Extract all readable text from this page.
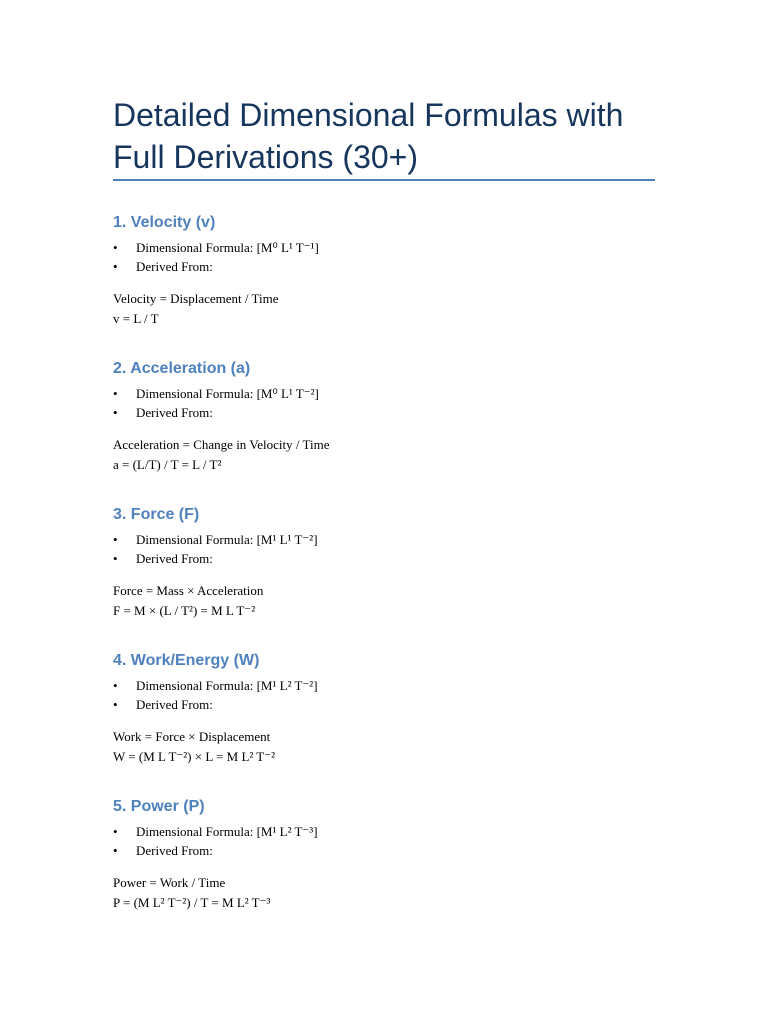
Detailed Dimensional Formulas with Full Derivations (30+)
1. Velocity (v)
•	Dimensional Formula: [M⁰ L¹ T⁻¹]
•	Derived From:
Velocity = Displacement / Time
v = L / T
2. Acceleration (a)
•	Dimensional Formula: [M⁰ L¹ T⁻²]
•	Derived From:
Acceleration = Change in Velocity / Time
a = (L/T) / T = L / T²
3. Force (F)
•	Dimensional Formula: [M¹ L¹ T⁻²]
•	Derived From:
Force = Mass × Acceleration
F = M × (L / T²) = M L T⁻²
4. Work/Energy (W)
•	Dimensional Formula: [M¹ L² T⁻²]
•	Derived From:
Work = Force × Displacement
W = (M L T⁻²) × L = M L² T⁻²
5. Power (P)
•	Dimensional Formula: [M¹ L² T⁻³]
•	Derived From:
Power = Work / Time
P = (M L² T⁻²) / T = M L² T⁻³
